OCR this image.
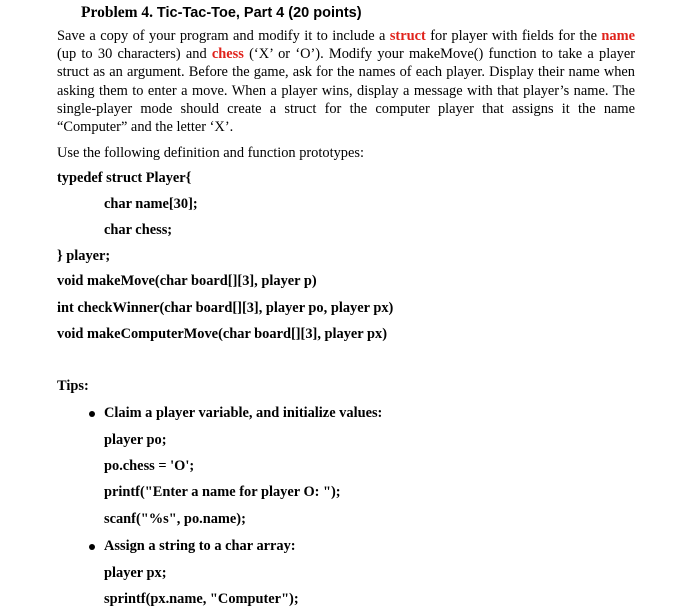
Problem 4. Tic-Tac-Toe, Part 4 (20 points)

Save a copy of your program and modify it to include a struct for player with fields for the name (up to 30 characters) and chess (‘X’ or ‘O’). Modify your makeMove() function to take a player struct as an argument. Before the game, ask for the names of each player. Display their name when asking them to enter a move. When a player wins, display a message with that player’s name. The single-player mode should create a struct for the computer player that assigns it the name “Computer” and the letter ‘X’.

Use the following definition and function prototypes:

typedef struct Player{

char name[30];

char chess;

} player;

void makeMove(char board[][3], player p)

int checkWinner(char board[][3], player po, player px)

void makeComputerMove(char board[][3], player px)

Tips:

Claim a player variable, and initialize values:

player po;

po.chess = 'O';

printf("Enter a name for player O: ");

scanf("%s", po.name);

Assign a string to a char array:

player px;

sprintf(px.name, "Computer");
